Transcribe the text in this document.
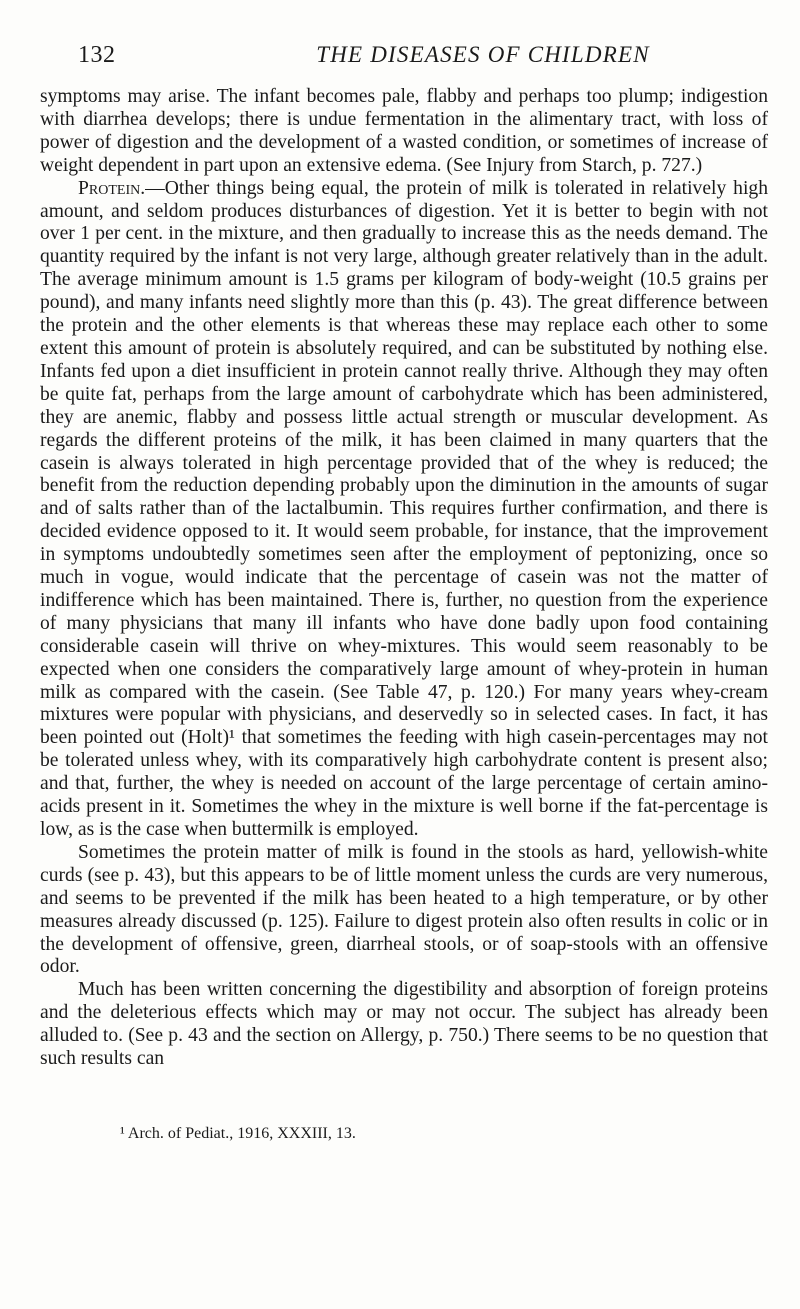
132	THE DISEASES OF CHILDREN

symptoms may arise. The infant becomes pale, flabby and perhaps too plump; indigestion with diarrhea develops; there is undue fermentation in the alimentary tract, with loss of power of digestion and the development of a wasted condition, or sometimes of increase of weight dependent in part upon an extensive edema. (See Injury from Starch, p. 727.)

Protein.—Other things being equal, the protein of milk is tolerated in relatively high amount, and seldom produces disturbances of digestion. Yet it is better to begin with not over 1 per cent. in the mixture, and then gradually to increase this as the needs demand. The quantity required by the infant is not very large, although greater relatively than in the adult. The average minimum amount is 1.5 grams per kilogram of body-weight (10.5 grains per pound), and many infants need slightly more than this (p. 43). The great difference between the protein and the other elements is that whereas these may replace each other to some extent this amount of protein is absolutely required, and can be substituted by nothing else. Infants fed upon a diet insufficient in protein cannot really thrive. Although they may often be quite fat, perhaps from the large amount of carbohydrate which has been administered, they are anemic, flabby and possess little actual strength or muscular development. As regards the different proteins of the milk, it has been claimed in many quarters that the casein is always tolerated in high percentage provided that of the whey is reduced; the benefit from the reduction depending probably upon the diminution in the amounts of sugar and of salts rather than of the lactalbumin. This requires further confirmation, and there is decided evidence opposed to it. It would seem probable, for instance, that the improvement in symptoms undoubtedly sometimes seen after the employment of peptonizing, once so much in vogue, would indicate that the percentage of casein was not the matter of indifference which has been maintained. There is, further, no question from the experience of many physicians that many ill infants who have done badly upon food containing considerable casein will thrive on whey-mixtures. This would seem reasonably to be expected when one considers the comparatively large amount of whey-protein in human milk as compared with the casein. (See Table 47, p. 120.) For many years whey-cream mixtures were popular with physicians, and deservedly so in selected cases. In fact, it has been pointed out (Holt)¹ that sometimes the feeding with high casein-percentages may not be tolerated unless whey, with its comparatively high carbohydrate content is present also; and that, further, the whey is needed on account of the large percentage of certain amino-acids present in it. Sometimes the whey in the mixture is well borne if the fat-percentage is low, as is the case when buttermilk is employed.

Sometimes the protein matter of milk is found in the stools as hard, yellowish-white curds (see p. 43), but this appears to be of little moment unless the curds are very numerous, and seems to be prevented if the milk has been heated to a high temperature, or by other measures already discussed (p. 125). Failure to digest protein also often results in colic or in the development of offensive, green, diarrheal stools, or of soap-stools with an offensive odor.

Much has been written concerning the digestibility and absorption of foreign proteins and the deleterious effects which may or may not occur. The subject has already been alluded to. (See p. 43 and the section on Allergy, p. 750.) There seems to be no question that such results can

¹ Arch. of Pediat., 1916, XXXIII, 13.
